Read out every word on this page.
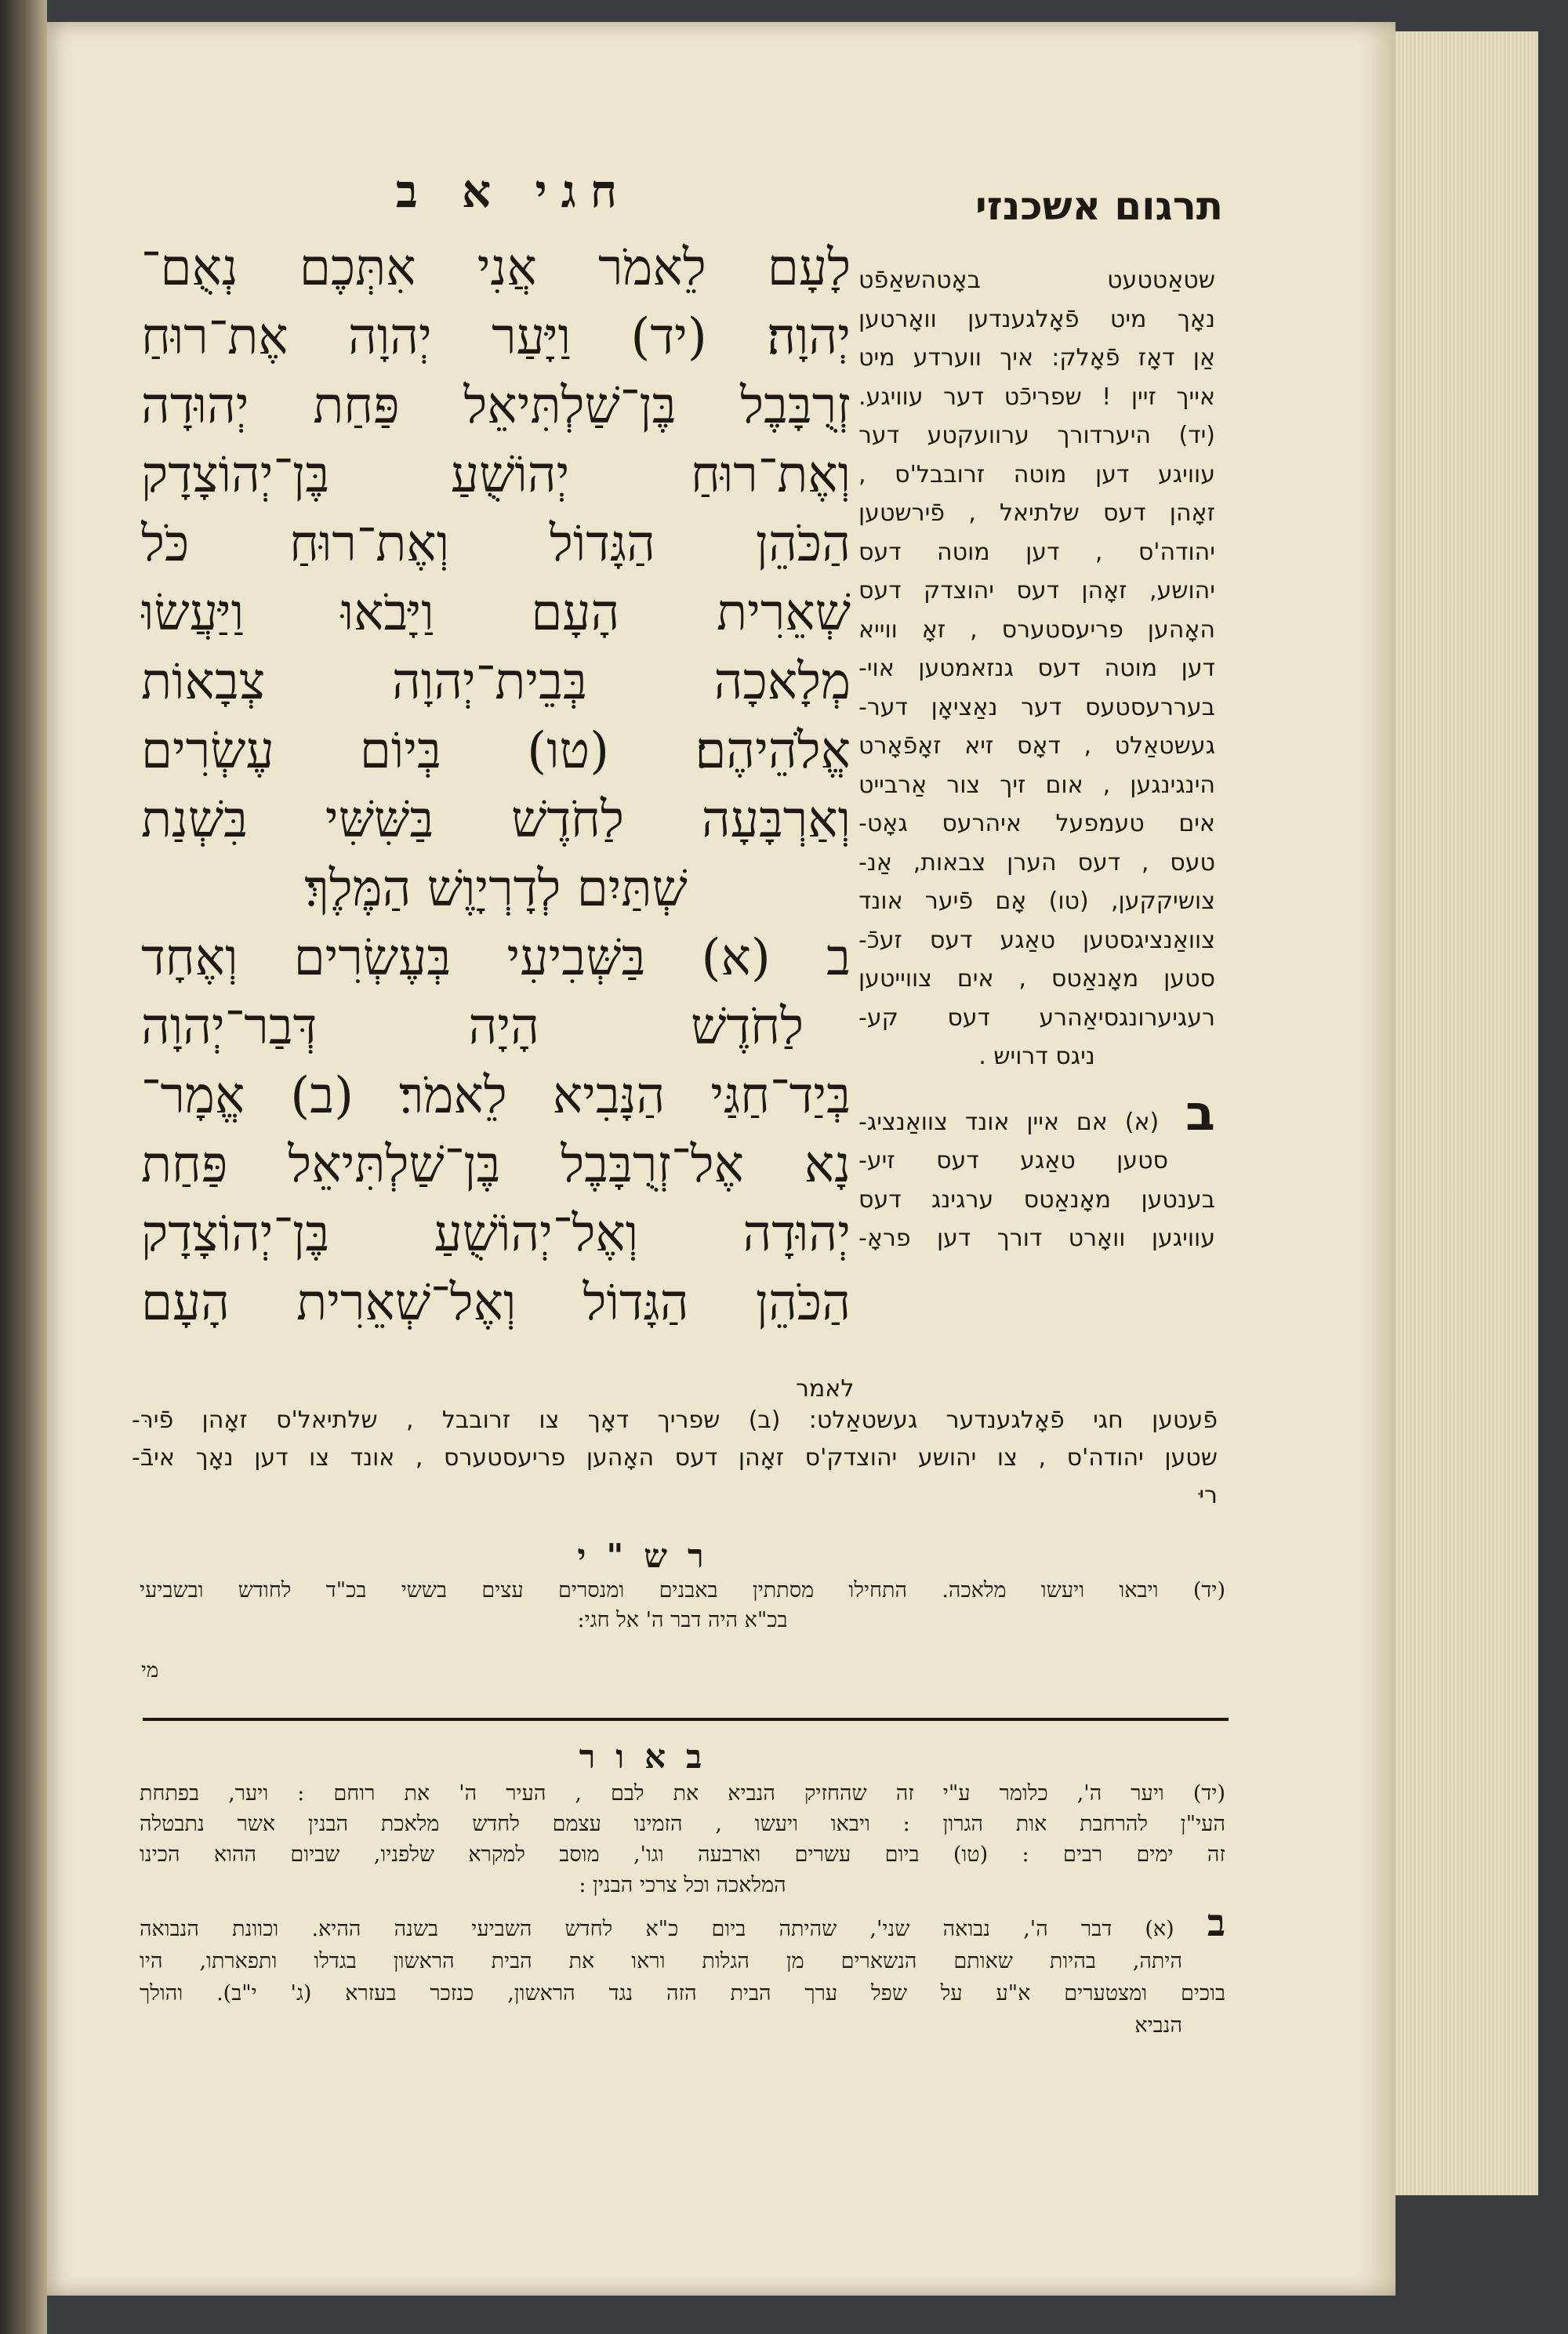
חגי א ב	תרגום אשכנזי
לָעָם לֵאמֹר אֲנִי אִתְּכֶם נְאֻם־
יְהוָה׃ (יד) וַיָּעַר יְהוָה אֶת־רוּחַ
זְרֻבָּבֶל בֶּן־שַׁלְתִּיאֵל פַּחַת יְהוּדָה
וְאֶת־רוּחַ יְהוֹשֻׁעַ בֶּן־יְהוֹצָדָק
הַכֹּהֵן הַגָּדוֹל וְאֶת־רוּחַ כֹּל
שְׁאֵרִית הָעָם וַיָּבֹאוּ וַיַּעֲשׂוּ
מְלָאכָה בְּבֵית־יְהוָה צְבָאוֹת
אֱלֹהֵיהֶם׃ (טו) בְּיוֹם עֶשְׂרִים
וְאַרְבָּעָה לַחֹדֶשׁ בַּשִּׁשִּׁי בִּשְׁנַת
שְׁתַּיִם לְדָרְיָוֶשׁ הַמֶּלֶךְ׃
ב (א) בַּשְּׁבִיעִי בְּעֶשְׂרִים וְאֶחָד
לַחֹדֶשׁ הָיָה דְּבַר־יְהוָה
בְּיַד־חַגַּי הַנָּבִיא לֵאמֹר׃ (ב) אֱמָר־
נָא אֶל־זְרֻבָּבֶל בֶּן־שַׁלְתִּיאֵל פַּחַת
יְהוּדָה וְאֶל־יְהוֹשֻׁעַ בֶּן־יְהוֹצָדָק
הַכֹּהֵן הַגָּדוֹל וְאֶל־שְׁאֵרִית הָעָם
שטאַטטעט באָטהשאַפֿט
נאָך מיט פֿאָלגענדען וואָרטען
אַן דאָז פֿאָלק: איך ווערדע מיט
אייך זיין ! שפריכֿט דער עוויגע.
(יד) היערדורך ערוועקטע דער
עוויגע דען מוטה זרובבל'ס ,
זאָהן דעס שלתיאל , פֿירשטען
יהודה'ס , דען מוטה דעס
יהושע, זאָהן דעס יהוצדק דעס
האָהען פריעסטערס , זאָ ווייא
דען מוטה דעס גנזאמטען אוי-
בעררעסטעס דער נאַציאָן דער-
געשטאַלט , דאָס זיא זאָפֿאָרט
הינגינגען , אום זיך צור אַרבייט
אים טעמפעל איהרעס גאָט-
טעס , דעס הערן צבאות, אַנ-
צושיקקען, (טו) אָם פֿיער אונד
צוואַנציגסטען טאַגע דעס זעכֿ-
סטען מאָנאַטס , אים צווייטען
רעגיערונגסיאַהרע דעס קע-
ניגס דרויש .
ב (א) אם איין אונד צוואַנציג-
סטען טאַגע דעס זיע-
בענטען מאָנאַטס ערגינג דעס
עוויגען וואָרט דורך דען פראָ-
לאמר
פֿעטען חגי פֿאָלגענדער געשטאַלט: (ב) שפריך דאָך צו זרובבל , שלתיאל'ס זאָהן פֿירּ-
שטען יהודה'ס , צו יהושע יהוצדק'ס זאָהן דעס האָהען פריעסטערס , אונד צו דען נאָך איבֿ-
ריּ
רש"י
(יד) ויבאו ויעשו מלאכה. התחילו מסתתין באבנים ומנסרים עצים בששי בכ"ד לחודש ובשביעי
בכ"א היה דבר ה' אל חגי:
מי
באור
(יד) ויער ה', כלומר ע"י זה שהחזיק הנביא את לבם , העיר ה' את רוחם : ויער, בפתחת
העי"ן להרחבת אות הגרון : ויבאו ויעשו , הזמינו עצמם לחדש מלאכת הבנין אשר נתבטלה
זה ימים רבים : (טו) ביום עשרים וארבעה וגו', מוסב למקרא שלפניו, שביום ההוא הכינו
המלאכה וכל צרכי הבנין :
ב (א) דבר ה', נבואה שני', שהיתה ביום כ"א לחדש השביעי בשנה ההיא. וכוונת הנבואה
היתה, בהיות שאותם הנשארים מן הגלות וראו את הבית הראשון בגדלו ותפארתו, היו
בוכים ומצטערים א"ע על שפל ערך הבית הזה נגד הראשון, כנזכר בעזרא (ג' י"ב). והולך
הנביא
